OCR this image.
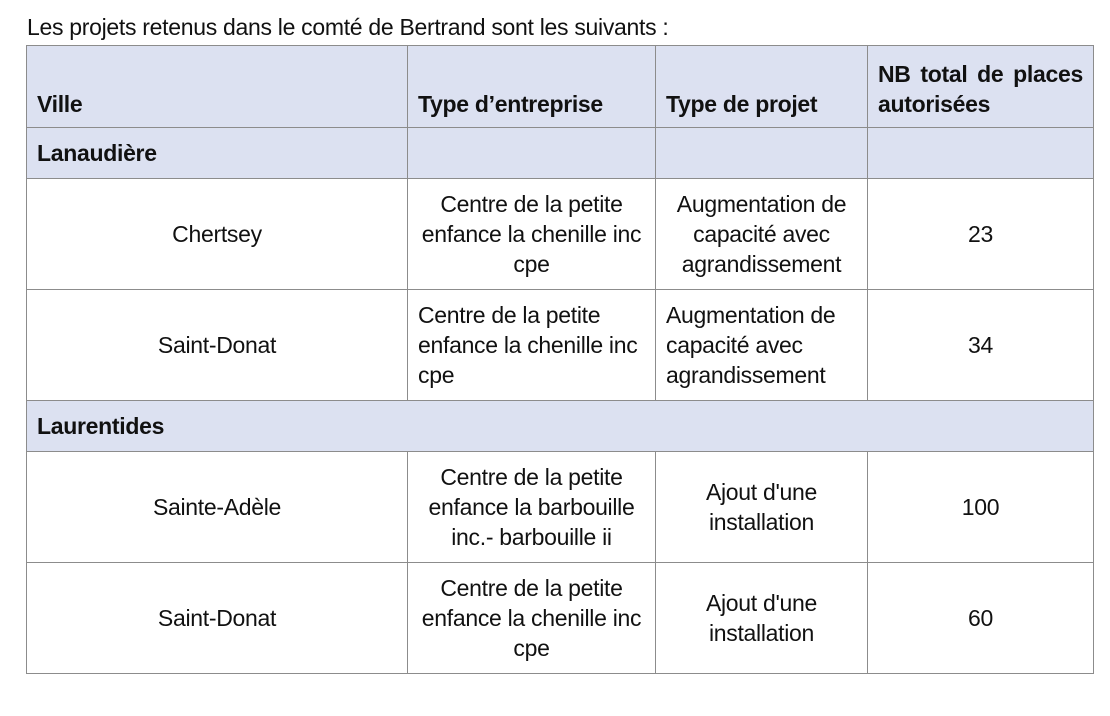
Les projets retenus dans le comté de Bertrand sont les suivants :
Ville	Type d’entreprise	Type de projet	NB total de places autorisées
Lanaudière			
Chertsey	Centre de la petite enfance la chenille inc cpe	Augmentation de capacité avec agrandissement	23
Saint-Donat	Centre de la petite enfance la chenille inc cpe	Augmentation de capacité avec agrandissement	34
Laurentides			
Sainte-Adèle	Centre de la petite enfance la barbouille inc.- barbouille ii	Ajout d'une installation	100
Saint-Donat	Centre de la petite enfance la chenille inc cpe	Ajout d'une installation	60
